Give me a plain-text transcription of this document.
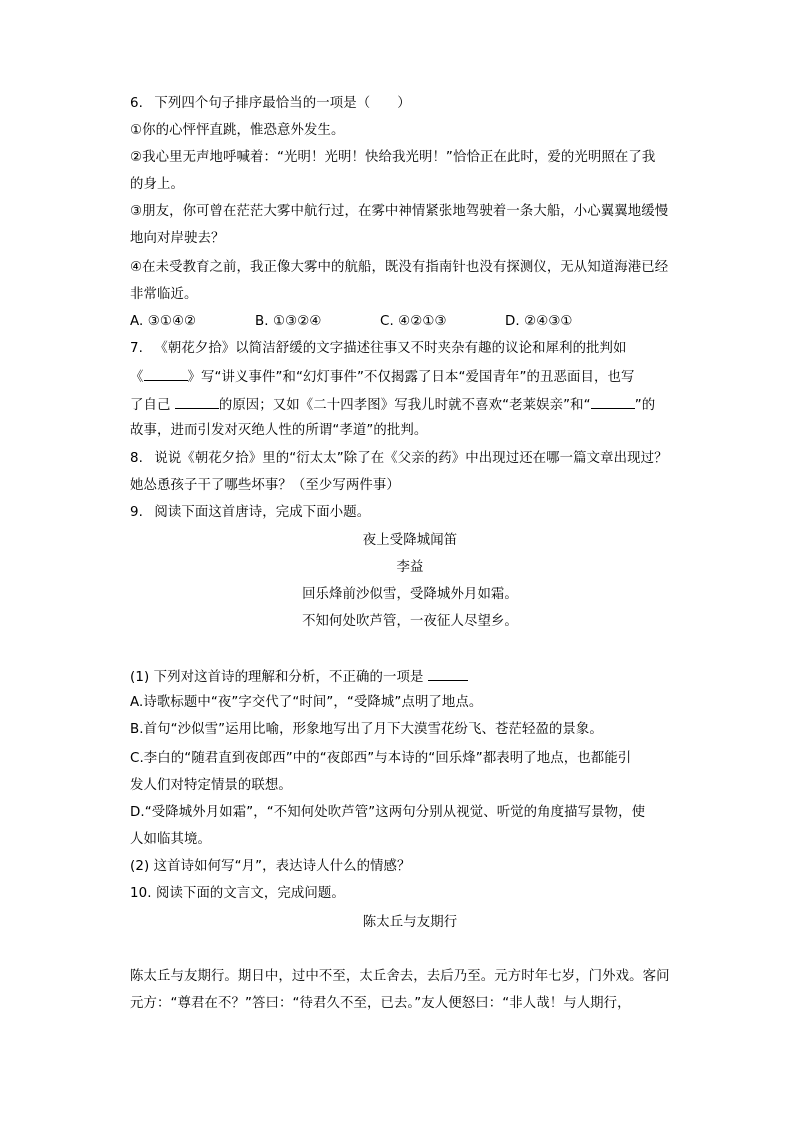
6. 下列四个句子排序最恰当的一项是（　　）
①你的心怦怦直跳，惟恐意外发生。
②我心里无声地呼喊着：“光明！光明！快给我光明！”恰恰正在此时，爱的光明照在了我
的身上。
③朋友，你可曾在茫茫大雾中航行过，在雾中神情紧张地驾驶着一条大船，小心翼翼地缓慢
地向对岸驶去？
④在未受教育之前，我正像大雾中的航船，既没有指南针也没有探测仪，无从知道海港已经
非常临近。
A. ③①④②	B. ①③②④	C. ④②①③	D. ②④③①
7. 《朝花夕拾》以简洁舒缓的文字描述往事又不时夹杂有趣的议论和犀利的批判如
《	》写“讲义事件”和“幻灯事件”不仅揭露了日本“爱国青年”的丑恶面目，也写
了自己	的原因；又如《二十四孝图》写我儿时就不喜欢“老莱娱亲”和“	”的
故事，进而引发对灭绝人性的所谓“孝道”的批判。
8. 说说《朝花夕拾》里的“衍太太”除了在《父亲的药》中出现过还在哪一篇文章出现过？
她怂恿孩子干了哪些坏事？（至少写两件事）
9. 阅读下面这首唐诗，完成下面小题。
夜上受降城闻笛
李益
回乐烽前沙似雪，受降城外月如霜。
不知何处吹芦管，一夜征人尽望乡。
(1) 下列对这首诗的理解和分析，不正确的一项是
A.诗歌标题中“夜”字交代了“时间”，“受降城”点明了地点。
B.首句“沙似雪”运用比喻，形象地写出了月下大漠雪花纷飞、苍茫轻盈的景象。
C.李白的“随君直到夜郎西”中的“夜郎西”与本诗的“回乐烽”都表明了地点，也都能引
发人们对特定情景的联想。
D.“受降城外月如霜”，“不知何处吹芦管”这两句分别从视觉、听觉的角度描写景物，使
人如临其境。
(2) 这首诗如何写“月”，表达诗人什么的情感？
10. 阅读下面的文言文，完成问题。
陈太丘与友期行
陈太丘与友期行。期日中，过中不至，太丘舍去，去后乃至。元方时年七岁，门外戏。客问
元方：“尊君在不？”答曰：“待君久不至，已去。”友人便怒曰：“非人哉！与人期行，
